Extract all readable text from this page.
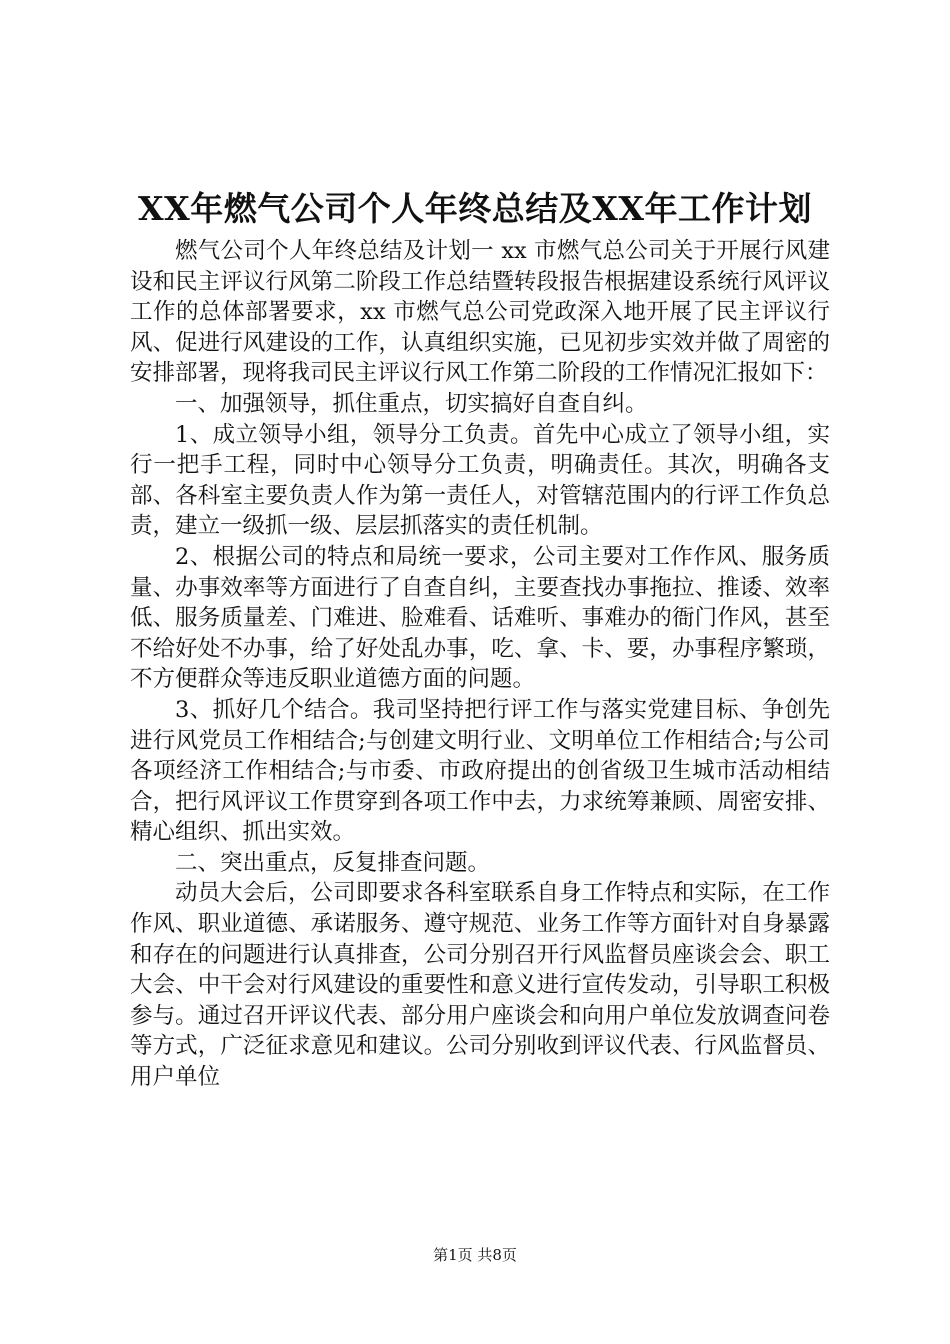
XX年燃气公司个人年终总结及XX年工作计划

燃气公司个人年终总结及计划一 xx 市燃气总公司关于开展行风建设和民主评议行风第二阶段工作总结暨转段报告根据建设系统行风评议工作的总体部署要求，xx 市燃气总公司党政深入地开展了民主评议行风、促进行风建设的工作，认真组织实施，已见初步实效并做了周密的安排部署，现将我司民主评议行风工作第二阶段的工作情况汇报如下：

一、加强领导，抓住重点，切实搞好自查自纠。

1、成立领导小组，领导分工负责。首先中心成立了领导小组，实行一把手工程，同时中心领导分工负责，明确责任。其次，明确各支部、各科室主要负责人作为第一责任人，对管辖范围内的行评工作负总责，建立一级抓一级、层层抓落实的责任机制。

2、根据公司的特点和局统一要求，公司主要对工作作风、服务质量、办事效率等方面进行了自查自纠，主要查找办事拖拉、推诿、效率低、服务质量差、门难进、脸难看、话难听、事难办的衙门作风，甚至不给好处不办事，给了好处乱办事，吃、拿、卡、要，办事程序繁琐，不方便群众等违反职业道德方面的问题。

3、抓好几个结合。我司坚持把行评工作与落实党建目标、争创先进行风党员工作相结合;与创建文明行业、文明单位工作相结合;与公司各项经济工作相结合;与市委、市政府提出的创省级卫生城市活动相结合，把行风评议工作贯穿到各项工作中去，力求统筹兼顾、周密安排、精心组织、抓出实效。

二、突出重点，反复排查问题。

动员大会后，公司即要求各科室联系自身工作特点和实际，在工作作风、职业道德、承诺服务、遵守规范、业务工作等方面针对自身暴露和存在的问题进行认真排查，公司分别召开行风监督员座谈会会、职工大会、中干会对行风建设的重要性和意义进行宣传发动，引导职工积极参与。通过召开评议代表、部分用户座谈会和向用户单位发放调查问卷等方式，广泛征求意见和建议。公司分别收到评议代表、行风监督员、用户单位

第1页 共8页
